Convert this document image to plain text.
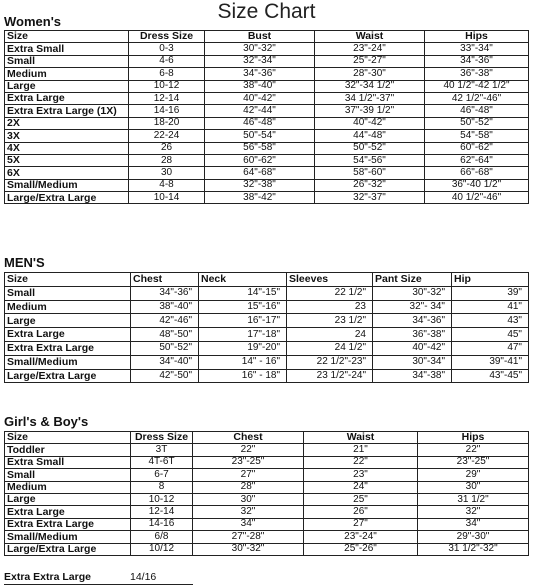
Size Chart
Women's
Size	Dress Size	Bust	Waist	Hips
Extra Small	0-3	30"-32"	23"-24"	33"-34"
Small	4-6	32"-34"	25"-27"	34"-36"
Medium	6-8	34"-36"	28"-30"	36"-38"
Large	10-12	38"-40"	32"-34 1/2"	40 1/2"-42 1/2"
Extra Large	12-14	40"-42"	34 1/2"-37"	42 1/2"-46"
Extra Extra Large (1X)	14-16	42"-44"	37"-39 1/2"	46"-48"
2X	18-20	46"-48"	40"-42"	50"-52"
3X	22-24	50"-54"	44"-48"	54"-58"
4X	26	56"-58"	50"-52"	60"-62"
5X	28	60"-62"	54"-56"	62"-64"
6X	30	64"-68"	58"-60"	66"-68"
Small/Medium	4-8	32"-38"	26"-32"	36"-40 1/2"
Large/Extra Large	10-14	38"-42"	32"-37"	40 1/2"-46"
MEN'S
Size	Chest	Neck	Sleeves	Pant Size	Hip
Small	34"-36"	14"-15"	22 1/2"	30"-32"	39"
Medium	38"-40"	15"-16"	23	32"- 34"	41"
Large	42"-46"	16"-17"	23 1/2"	34"-36"	43"
Extra Large	48"-50"	17"-18"	24	36"-38"	45"
Extra Extra Large	50"-52"	19"-20"	24 1/2"	40"-42"	47"
Small/Medium	34"-40"	14" - 16"	22 1/2"-23"	30"-34"	39"-41"
Large/Extra Large	42"-50"	16" - 18"	23 1/2"-24"	34"-38"	43"-45"
Girl's & Boy's
Size	Dress Size	Chest	Waist	Hips
Toddler	3T	22"	21"	22"
Extra Small	4T-6T	23"-25"	22"	23"-25"
Small	6-7	27"	23"	29"
Medium	8	28"	24"	30"
Large	10-12	30"	25"	31 1/2"
Extra Large	12-14	32"	26"	32"
Extra Extra Large	14-16	34"	27"	34"
Small/Medium	6/8	27"-28"	23"-24"	29"-30"
Large/Extra Large	10/12	30"-32"	25"-26"	31 1/2"-32"
Extra Extra Large	14/16
